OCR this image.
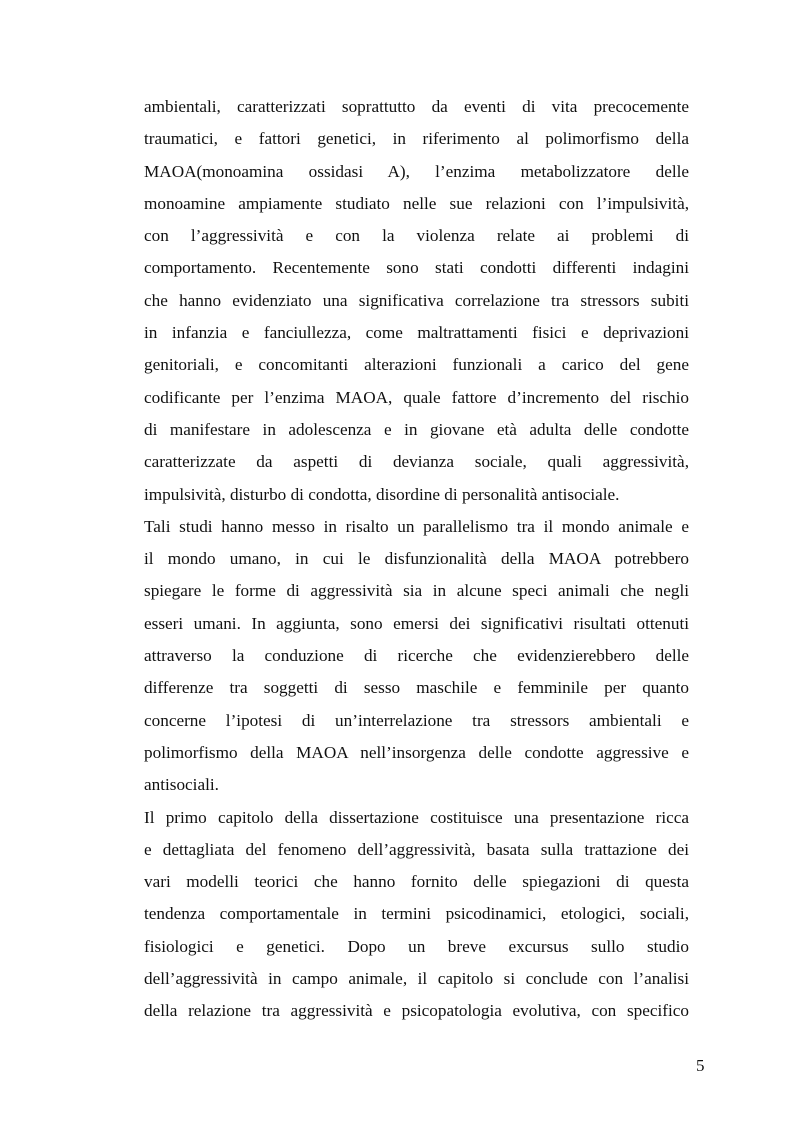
ambientali, caratterizzati soprattutto da eventi di vita precocemente
traumatici, e fattori genetici, in riferimento al polimorfismo della
MAOA(monoamina ossidasi A), l’enzima metabolizzatore delle
monoamine ampiamente studiato nelle sue relazioni con l’impulsività,
con l’aggressività e con la violenza relate ai problemi di
comportamento. Recentemente sono stati condotti differenti indagini
che hanno evidenziato una significativa correlazione tra stressors subiti
in infanzia e fanciullezza, come maltrattamenti fisici e deprivazioni
genitoriali, e concomitanti alterazioni funzionali a carico del gene
codificante per l’enzima MAOA, quale fattore d’incremento del rischio
di manifestare in adolescenza e in giovane età adulta delle condotte
caratterizzate da aspetti di devianza sociale, quali aggressività,
impulsività, disturbo di condotta, disordine di personalità antisociale.
Tali studi hanno messo in risalto un parallelismo tra il mondo animale e
il mondo umano, in cui le disfunzionalità della MAOA potrebbero
spiegare le forme di aggressività sia in alcune speci animali che negli
esseri umani. In aggiunta, sono emersi dei significativi risultati ottenuti
attraverso la conduzione di ricerche che evidenzierebbero delle
differenze tra soggetti di sesso maschile e femminile per quanto
concerne l’ipotesi di un’interrelazione tra stressors ambientali e
polimorfismo della MAOA nell’insorgenza delle condotte aggressive e
antisociali.
Il primo capitolo della dissertazione costituisce una presentazione ricca
e dettagliata del fenomeno dell’aggressività, basata sulla trattazione dei
vari modelli teorici che hanno fornito delle spiegazioni di questa
tendenza comportamentale in termini psicodinamici, etologici, sociali,
fisiologici e genetici. Dopo un breve excursus sullo studio
dell’aggressività in campo animale, il capitolo si conclude con l’analisi
della relazione tra aggressività e psicopatologia evolutiva, con specifico
5
